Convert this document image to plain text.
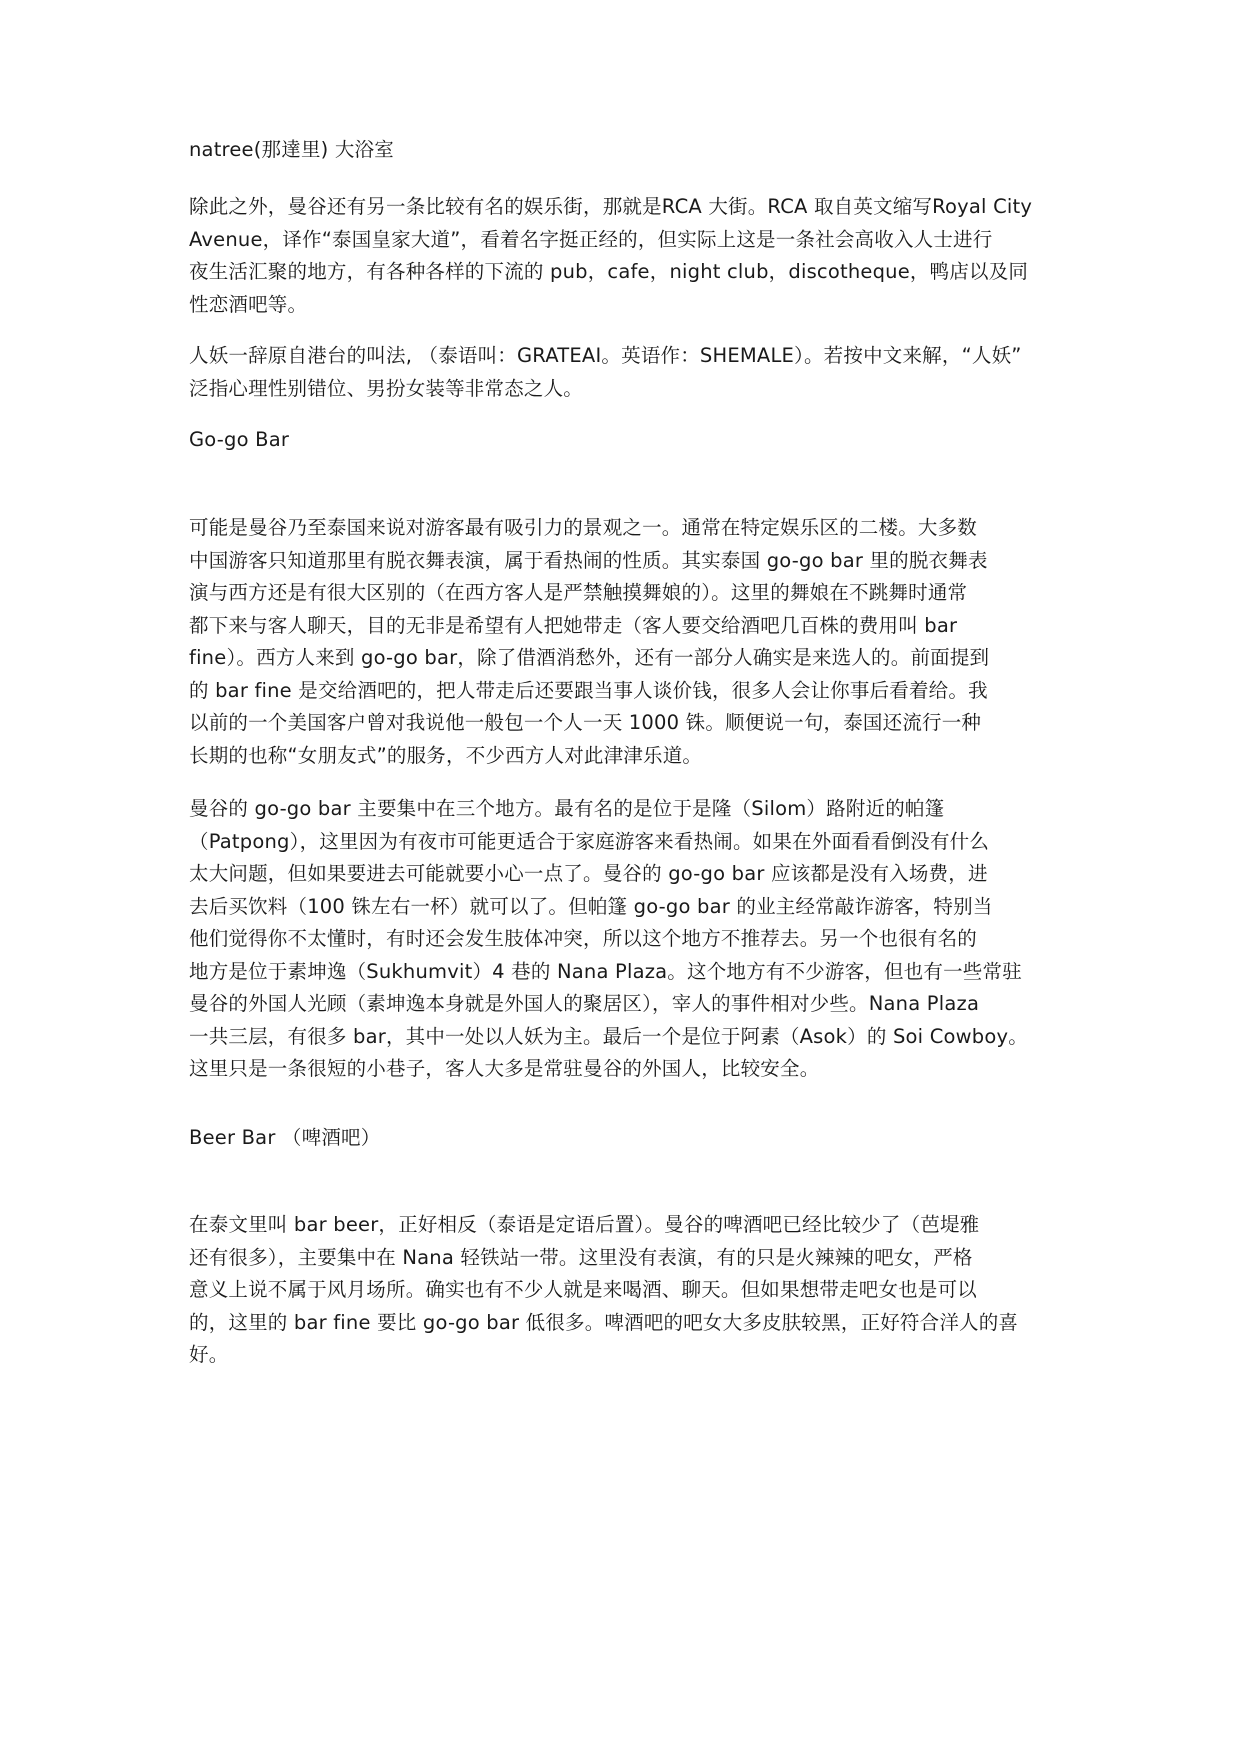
natree(那達里) 大浴室

除此之外，曼谷还有另一条比较有名的娱乐街，那就是RCA 大街。RCA 取自英文缩写Royal City
Avenue，译作“泰国皇家大道”，看着名字挺正经的，但实际上这是一条社会高收入人士进行
夜生活汇聚的地方，有各种各样的下流的 pub，cafe，night club，discotheque，鸭店以及同
性恋酒吧等。

人妖一辞原自港台的叫法, （泰语叫：GRATEAI。英语作：SHEMALE）。若按中文来解，“人妖”
泛指心理性别错位、男扮女装等非常态之人。

Go-go Bar

可能是曼谷乃至泰国来说对游客最有吸引力的景观之一。通常在特定娱乐区的二楼。大多数
中国游客只知道那里有脱衣舞表演，属于看热闹的性质。其实泰国 go-go bar 里的脱衣舞表
演与西方还是有很大区别的（在西方客人是严禁触摸舞娘的）。这里的舞娘在不跳舞时通常
都下来与客人聊天，目的无非是希望有人把她带走（客人要交给酒吧几百株的费用叫 bar
fine）。西方人来到 go-go bar，除了借酒消愁外，还有一部分人确实是来选人的。前面提到
的 bar fine 是交给酒吧的，把人带走后还要跟当事人谈价钱，很多人会让你事后看着给。我
以前的一个美国客户曾对我说他一般包一个人一天 1000 铢。顺便说一句，泰国还流行一种
长期的也称“女朋友式”的服务，不少西方人对此津津乐道。

曼谷的 go-go bar 主要集中在三个地方。最有名的是位于是隆（Silom）路附近的帕篷
（Patpong），这里因为有夜市可能更适合于家庭游客来看热闹。如果在外面看看倒没有什么
太大问题，但如果要进去可能就要小心一点了。曼谷的 go-go bar 应该都是没有入场费，进
去后买饮料（100 铢左右一杯）就可以了。但帕篷 go-go bar 的业主经常敲诈游客，特别当
他们觉得你不太懂时，有时还会发生肢体冲突，所以这个地方不推荐去。另一个也很有名的
地方是位于素坤逸（Sukhumvit）4 巷的 Nana Plaza。这个地方有不少游客，但也有一些常驻
曼谷的外国人光顾（素坤逸本身就是外国人的聚居区），宰人的事件相对少些。Nana Plaza
一共三层，有很多 bar，其中一处以人妖为主。最后一个是位于阿素（Asok）的 Soi Cowboy。
这里只是一条很短的小巷子，客人大多是常驻曼谷的外国人，比较安全。

Beer Bar （啤酒吧）

在泰文里叫 bar beer，正好相反（泰语是定语后置）。曼谷的啤酒吧已经比较少了（芭堤雅
还有很多），主要集中在 Nana 轻铁站一带。这里没有表演，有的只是火辣辣的吧女，严格
意义上说不属于风月场所。确实也有不少人就是来喝酒、聊天。但如果想带走吧女也是可以
的，这里的 bar fine 要比 go-go bar 低很多。啤酒吧的吧女大多皮肤较黑，正好符合洋人的喜
好。
